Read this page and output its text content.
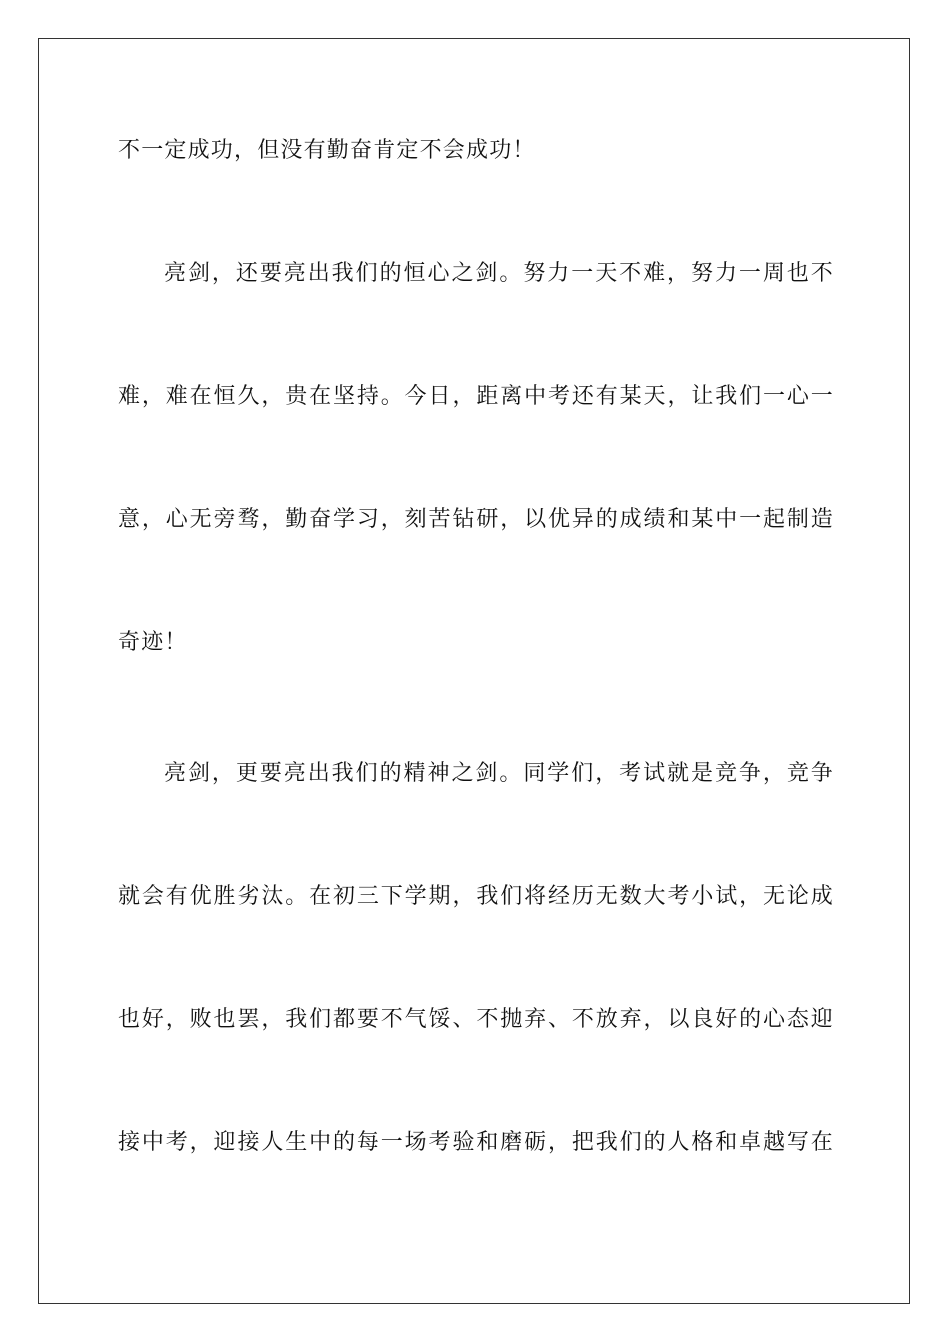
不一定成功，但没有勤奋肯定不会成功！
亮剑，还要亮出我们的恒心之剑。努力一天不难，努力一周也不
难，难在恒久，贵在坚持。今日，距离中考还有某天，让我们一心一
意，心无旁骛，勤奋学习，刻苦钻研，以优异的成绩和某中一起制造
奇迹！
亮剑，更要亮出我们的精神之剑。同学们，考试就是竞争，竞争
就会有优胜劣汰。在初三下学期，我们将经历无数大考小试，无论成
也好，败也罢，我们都要不气馁、不抛弃、不放弃，以良好的心态迎
接中考，迎接人生中的每一场考验和磨砺，把我们的人格和卓越写在
